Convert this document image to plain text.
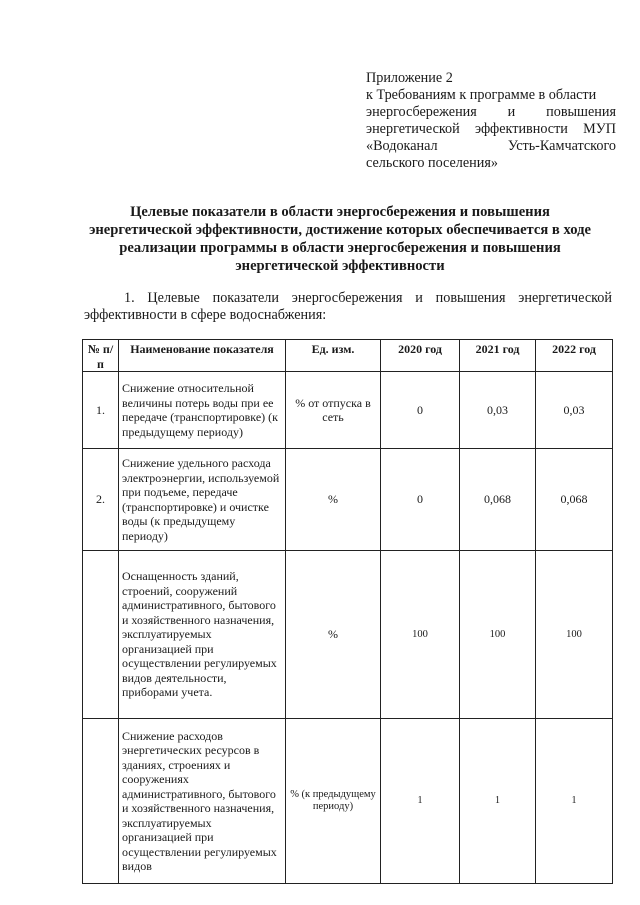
Приложение 2
к Требованиям к программе в области
энергосбережения и повышения
энергетической эффективности МУП
«Водоканал Усть-Камчатского
сельского поселения»
Целевые показатели в области энергосбережения и повышения энергетической эффективности, достижение которых обеспечивается в ходе реализации программы в области энергосбережения и повышения энергетической эффективности
1. Целевые показатели энергосбережения и повышения энергетической эффективности в сфере водоснабжения:
№ п/п	Наименование показателя	Ед. изм.	2020 год	2021 год	2022 год
1.	Снижение относительной величины потерь воды при ее передаче (транспортировке) (к предыдущему периоду)	% от отпуска в сеть	0	0,03	0,03
2.	Снижение удельного расхода электроэнергии, используемой при подъеме, передаче (транспортировке) и очистке воды (к предыдущему периоду)	%	0	0,068	0,068
	Оснащенность зданий, строений, сооружений административного, бытового и хозяйственного назначения, эксплуатируемых организацией при осуществлении регулируемых видов деятельности, приборами учета.	%	100	100	100
	Снижение расходов энергетических ресурсов в зданиях, строениях и сооружениях административного, бытового и хозяйственного назначения, эксплуатируемых организацией при осуществлении регулируемых видов	% (к предыдущему периоду)	1	1	1
